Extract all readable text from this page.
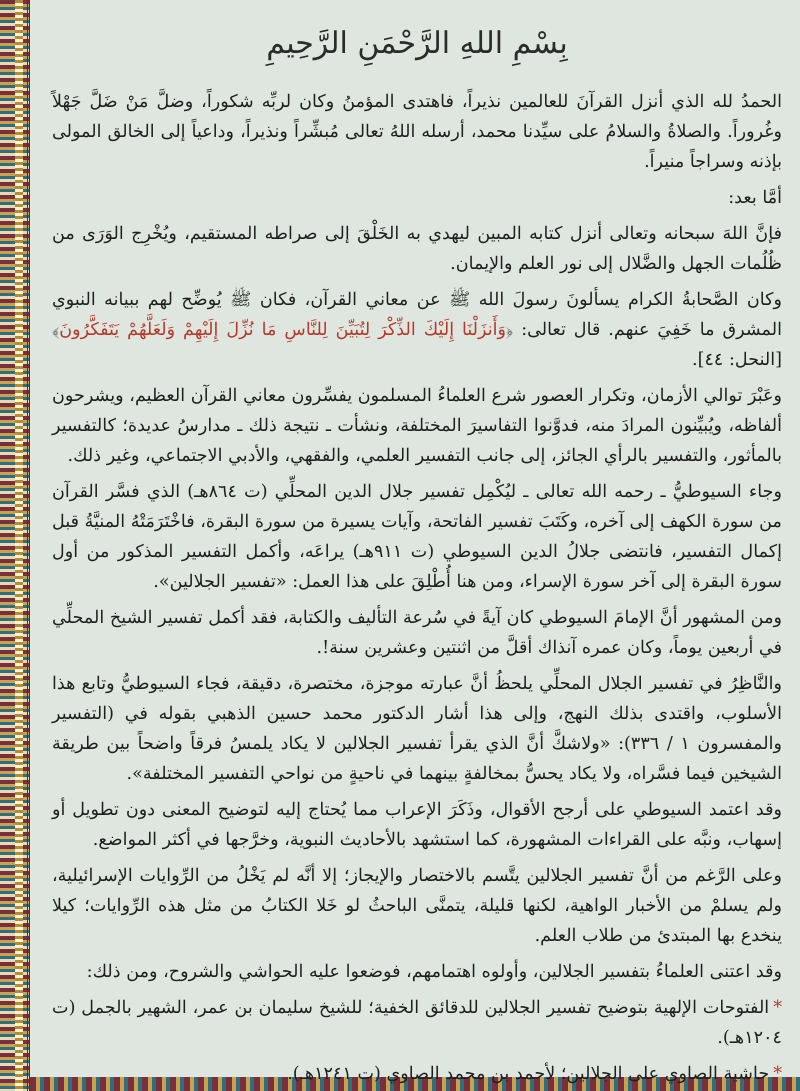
بِسْمِ اللهِ الرَّحْمَنِ الرَّحِيمِ

الحمدُ لله الذي أنزل القرآنَ للعالمين نذيراً، فاهتدى المؤمنُ وكان لربِّه شكوراً، وضلَّ مَنْ ضَلَّ جَهْلاً وغُروراً. والصلاةُ والسلامُ على سيِّدنا محمد، أرسله اللهُ تعالى مُبشِّراً ونذيراً، وداعياً إلى الخالق المولى بإذنه وسراجاً منيراً.

أمَّا بعد:

فإنَّ اللهَ سبحانه وتعالى أنزل كتابه المبين ليهدي به الخَلْقَ إلى صراطه المستقيم، ويُخْرِج الوَرَى من ظُلُمات الجهل والضَّلال إلى نور العلم والإيمان.

وكان الصَّحابةُ الكرام يسألونَ رسولَ الله ﷺ عن معاني القرآن، فكان ﷺ يُوضِّح لهم ببيانه النبوي المشرق ما خَفِيَ عنهم. قال تعالى: ﴿وَأَنزَلْنَا إِلَيْكَ الذِّكْرَ لِتُبَيِّنَ لِلنَّاسِ مَا نُزِّلَ إِلَيْهِمْ وَلَعَلَّهُمْ يَتَفَكَّرُونَ﴾ [النحل: ٤٤].

وعَبْرَ توالي الأزمان، وتكرار العصور شرع العلماءُ المسلمون يفسِّرون معاني القرآن العظيم، ويشرحون ألفاظه، ويُبيِّنون المرادَ منه، فدوَّنوا التفاسيرَ المختلفة، ونشأت ـ نتيجة ذلك ـ مدارسُ عديدة؛ كالتفسير بالمأثور، والتفسير بالرأي الجائز، إلى جانب التفسير العلمي، والفقهي، والأدبي الاجتماعي، وغير ذلك.

وجاء السيوطيُّ ـ رحمه الله تعالى ـ ليُكْمِل تفسير جلال الدين المحلِّي (ت ٨٦٤هـ) الذي فسَّر القرآن من سورة الكهف إلى آخره، وكَتَبَ تفسير الفاتحة، وآيات يسيرة من سورة البقرة، فاخْتَرَمَتْهُ المنيَّةُ قبل إكمال التفسير، فانتضى جلالُ الدين السيوطي (ت ٩١١هـ) يراعَه، وأكمل التفسير المذكور من أول سورة البقرة إلى آخر سورة الإسراء، ومن هنا أُطْلِقَ على هذا العمل: «تفسير الجلالين».

ومن المشهور أنَّ الإمامَ السيوطي كان آيةً في سُرعة التأليف والكتابة، فقد أكمل تفسير الشيخ المحلِّي في أربعين يوماً، وكان عمره آنذاك أقلَّ من اثنتين وعشرين سنة!.

والنَّاظِرُ في تفسير الجلال المحلِّي يلحظُ أنَّ عبارته موجزة، مختصرة، دقيقة، فجاء السيوطيُّ وتابع هذا الأسلوب، واقتدى بذلك النهج، وإلى هذا أشار الدكتور محمد حسين الذهبي بقوله في (التفسير والمفسرون ١ / ٣٣٦): «ولاشكَّ أنَّ الذي يقرأ تفسير الجلالين لا يكاد يلمسُ فرقاً واضحاً بين طريقة الشيخين فيما فسَّراه، ولا يكاد يحسُّ بمخالفةٍ بينهما في ناحيةٍ من نواحي التفسير المختلفة».

وقد اعتمد السيوطي على أرجح الأقوال، وذَكَرَ الإعراب مما يُحتاج إليه لتوضيح المعنى دون تطويل أو إسهاب، ونبَّه على القراءات المشهورة، كما استشهد بالأحاديث النبوية، وخرَّجها في أكثر المواضع.

وعلى الرَّغم من أنَّ تفسير الجلالين يتَّسم بالاختصار والإيجاز؛ إلا أنَّه لم يَخْلُ من الرِّوايات الإسرائيلية، ولم يسلمْ من الأخبار الواهية، لكنها قليلة، يتمنَّى الباحثُ لو خَلا الكتابُ من مثل هذه الرِّوايات؛ كيلا ينخدع بها المبتدئ من طلاب العلم.

وقد اعتنى العلماءُ بتفسير الجلالين، وأولوه اهتمامهم، فوضعوا عليه الحواشي والشروح، ومن ذلك:

*الفتوحات الإلهية بتوضيح تفسير الجلالين للدقائق الخفية؛ للشيخ سليمان بن عمر، الشهير بالجمل (ت ١٢٠٤هـ).

*حاشية الصاوي على الجلالين؛ لأحمد بن محمد الصاوي (ت ١٢٤١هـ).
